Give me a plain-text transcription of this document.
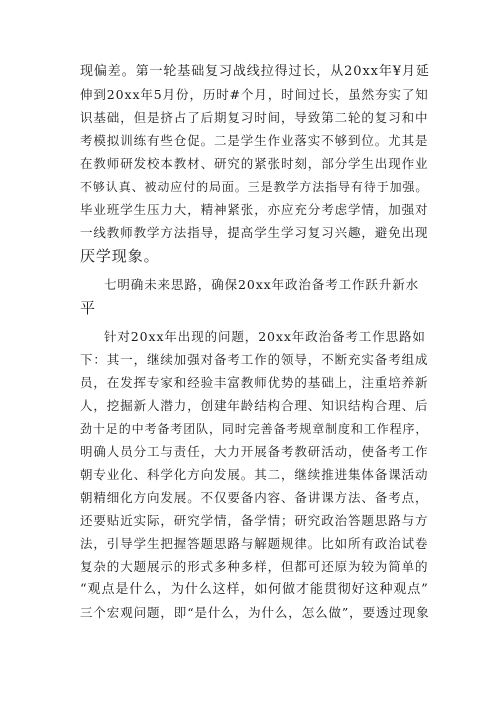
现偏差。第一轮基础复习战线拉得过长，从20xx年¥月延
伸到20xx年5月份，历时#个月，时间过长，虽然夯实了知
识基础，但是挤占了后期复习时间，导致第二轮的复习和中
考模拟训练有些仓促。二是学生作业落实不够到位。尤其是
在教师研发校本教材、研究的紧张时刻，部分学生出现作业
不够认真、被动应付的局面。三是教学方法指导有待于加强。
毕业班学生压力大，精神紧张，亦应充分考虑学情，加强对
一线教师教学方法指导，提高学生学习复习兴趣，避免出现
厌学现象。
七明确未来思路，确保20xx年政治备考工作跃升新水
平
针对20xx年出现的问题，20xx年政治备考工作思路如
下：其一，继续加强对备考工作的领导，不断充实备考组成
员，在发挥专家和经验丰富教师优势的基础上，注重培养新
人，挖掘新人潜力，创建年龄结构合理、知识结构合理、后
劲十足的中考备考团队，同时完善备考规章制度和工作程序，
明确人员分工与责任，大力开展备考教研活动，使备考工作
朝专业化、科学化方向发展。其二，继续推进集体备课活动
朝精细化方向发展。不仅要备内容、备讲课方法、备考点，
还要贴近实际，研究学情，备学情；研究政治答题思路与方
法，引导学生把握答题思路与解题规律。比如所有政治试卷
复杂的大题展示的形式多种多样，但都可还原为较为简单的
“观点是什么，为什么这样，如何做才能贯彻好这种观点”
三个宏观问题，即“是什么，为什么，怎么做”，要透过现象
